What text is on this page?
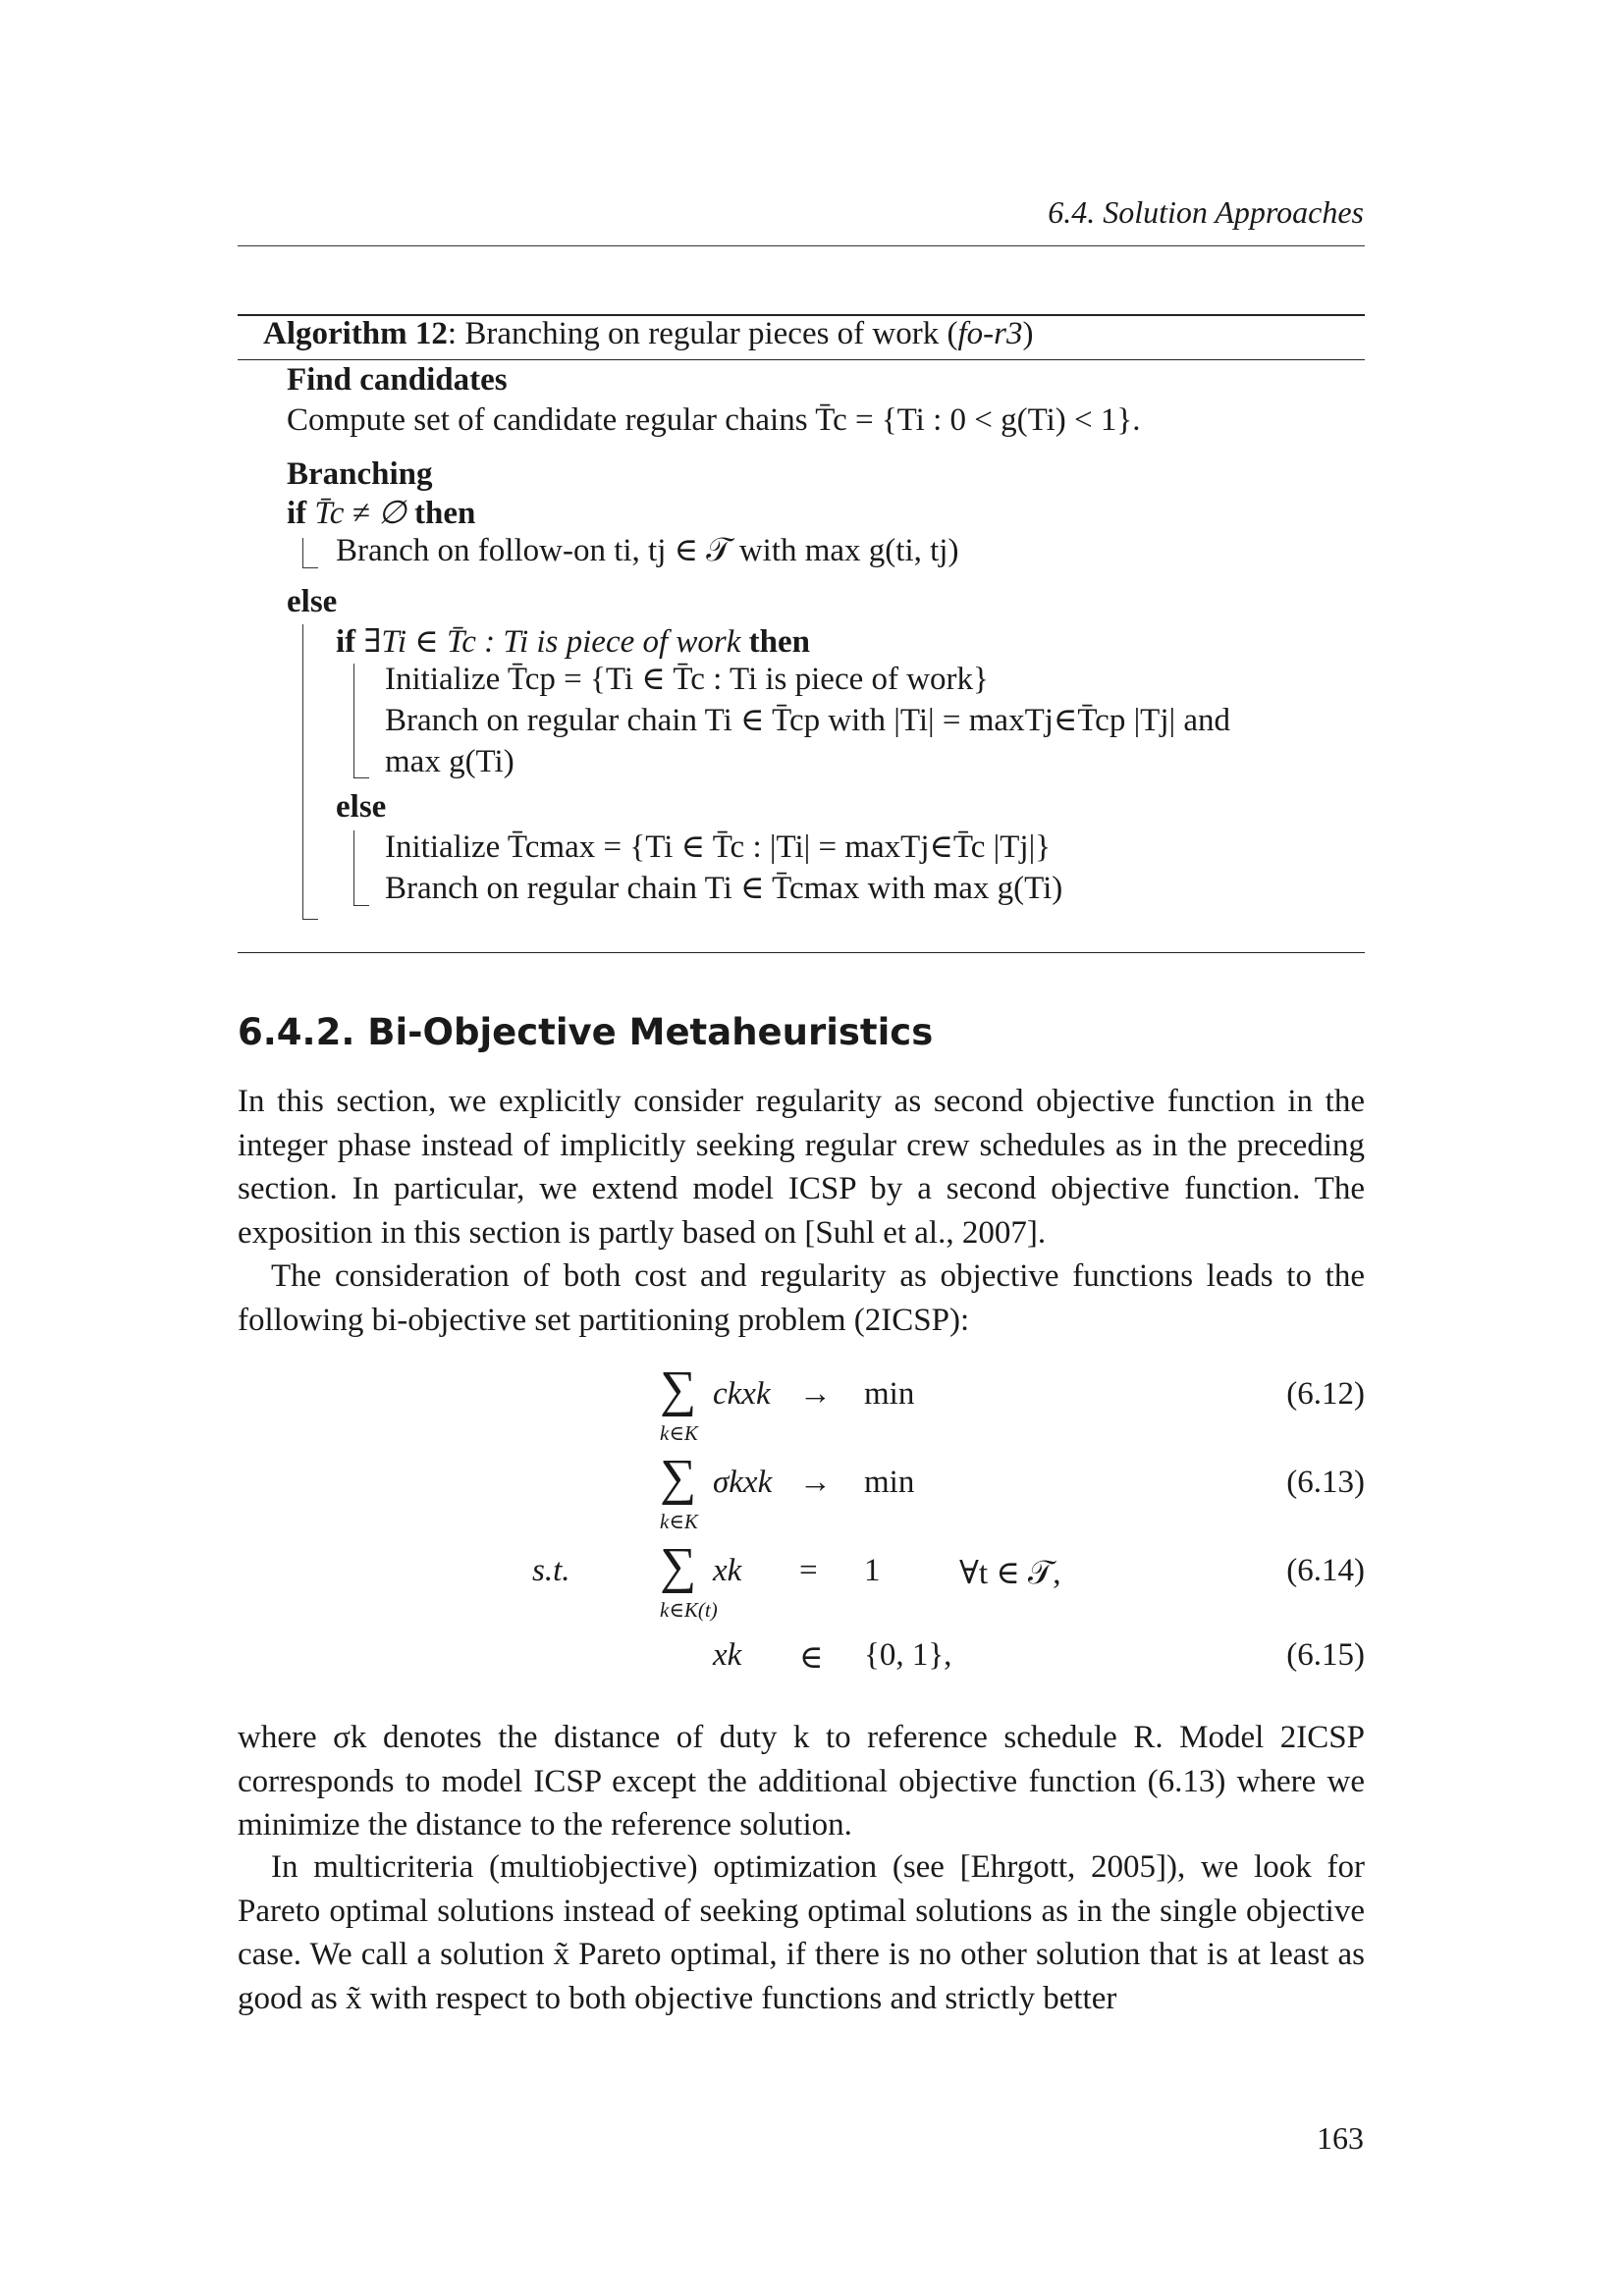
6.4. Solution Approaches
Algorithm 12: Branching on regular pieces of work (fo-r3)
Find candidates
Compute set of candidate regular chains T̄c = {Ti : 0 < g(Ti) < 1}.
Branching
if T̄c ≠ ∅ then
Branch on follow-on ti, tj ∈ 𝒯 with max g(ti, tj)
else
if ∃Ti ∈ T̄c : Ti is piece of work then
Initialize T̄cp = {Ti ∈ T̄c : Ti is piece of work}
Branch on regular chain Ti ∈ T̄cp with |Ti| = maxTj∈T̄cp |Tj| and
max g(Ti)
else
Initialize T̄cmax = {Ti ∈ T̄c : |Ti| = maxTj∈T̄c |Tj|}
Branch on regular chain Ti ∈ T̄cmax with max g(Ti)
6.4.2. Bi-Objective Metaheuristics
In this section, we explicitly consider regularity as second objective function in the integer phase instead of implicitly seeking regular crew schedules as in the preceding section. In particular, we extend model ICSP by a second objective function. The exposition in this section is partly based on [Suhl et al., 2007].
The consideration of both cost and regularity as objective functions leads to the following bi-objective set partitioning problem (2ICSP):
∑
k∈K
ckxk → min	(6.12)
∑
k∈K
σkxk → min	(6.13)
s.t. ∑
k∈K(t)
xk = 1 ∀t ∈ 𝒯,	(6.14)
xk ∈ {0, 1},	(6.15)
where σk denotes the distance of duty k to reference schedule R. Model 2ICSP corresponds to model ICSP except the additional objective function (6.13) where we minimize the distance to the reference solution.
In multicriteria (multiobjective) optimization (see [Ehrgott, 2005]), we look for Pareto optimal solutions instead of seeking optimal solutions as in the single objective case. We call a solution x̃ Pareto optimal, if there is no other solution that is at least as good as x̃ with respect to both objective functions and strictly better
163
